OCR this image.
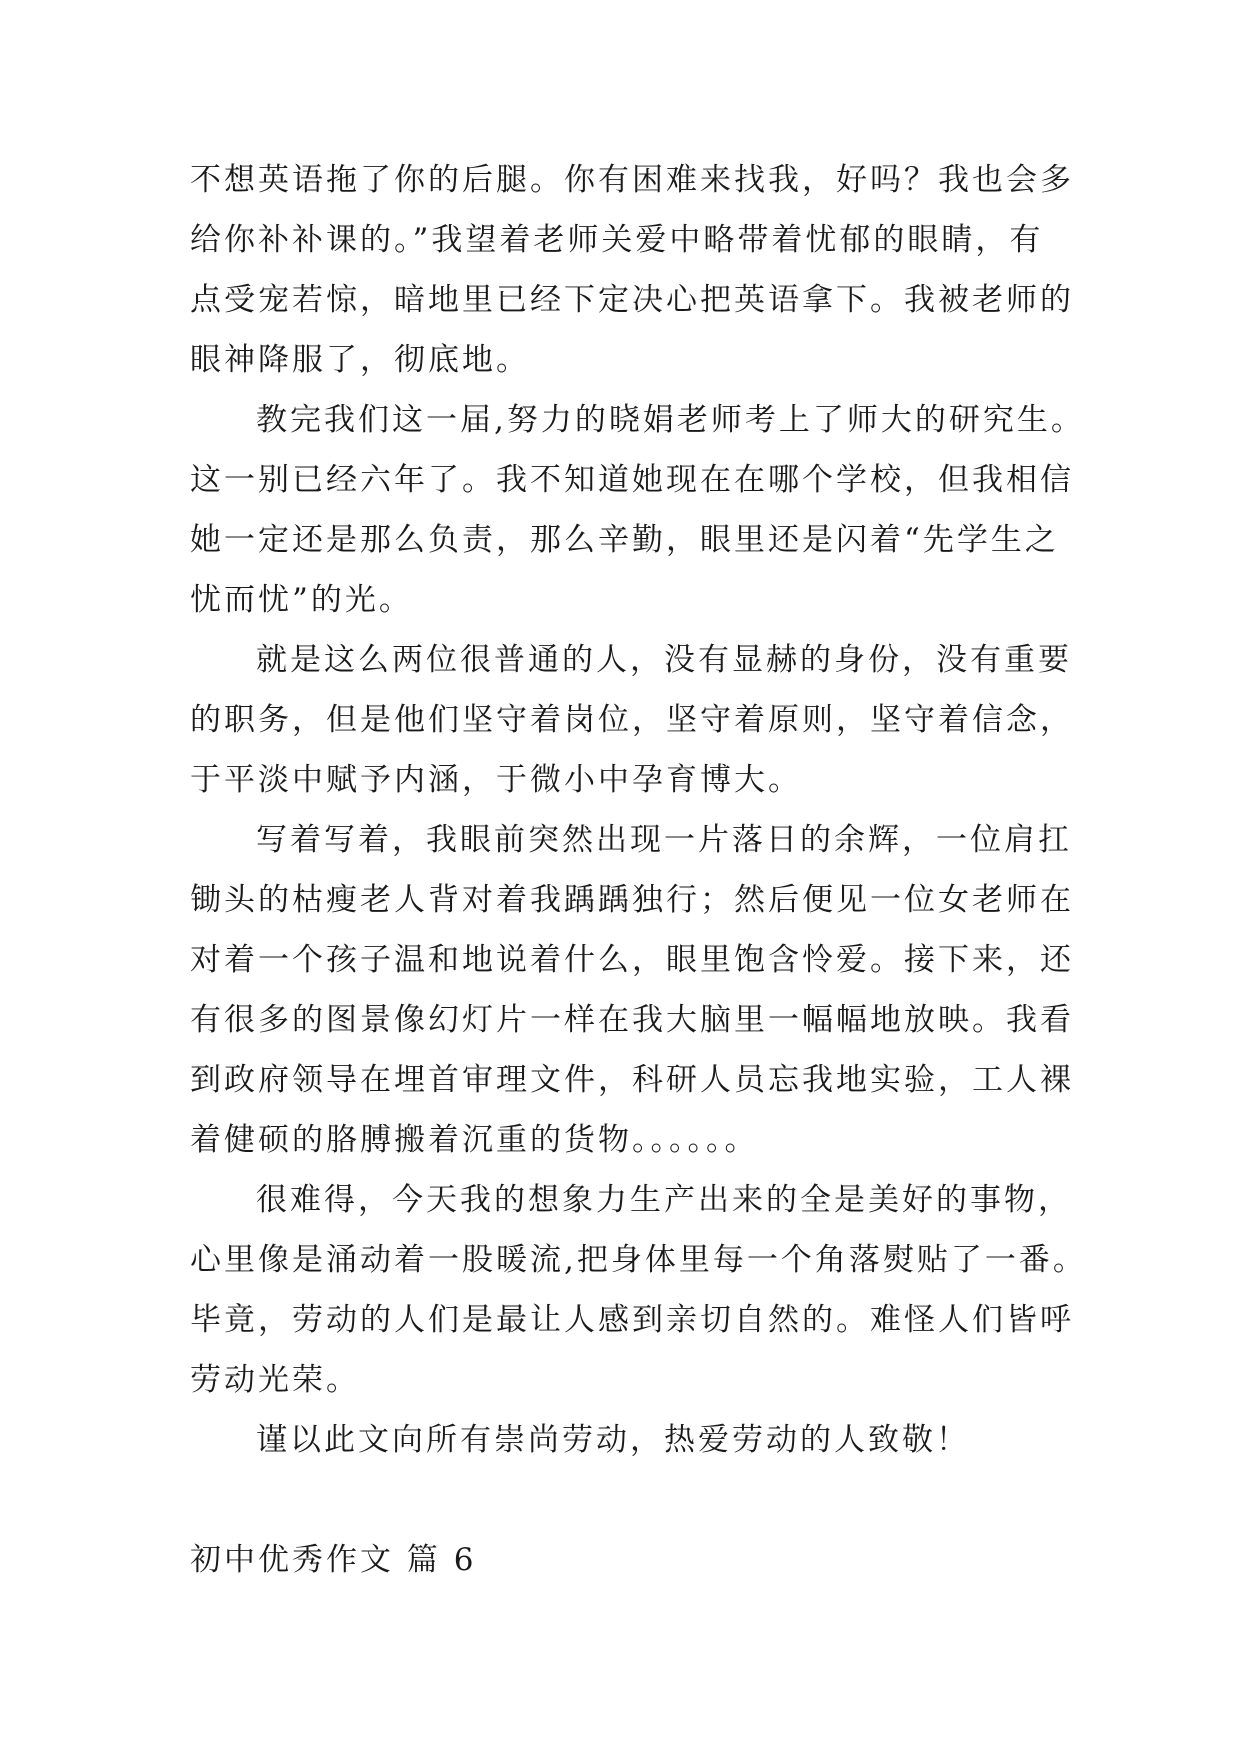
不想英语拖了你的后腿。你有困难来找我，好吗？我也会多
给你补补课的。”我望着老师关爱中略带着忧郁的眼睛，有
点受宠若惊，暗地里已经下定决心把英语拿下。我被老师的
眼神降服了，彻底地。
教完我们这一届,努力的晓娟老师考上了师大的研究生。
这一别已经六年了。我不知道她现在在哪个学校，但我相信
她一定还是那么负责，那么辛勤，眼里还是闪着“先学生之
忧而忧”的光。
就是这么两位很普通的人，没有显赫的身份，没有重要
的职务，但是他们坚守着岗位，坚守着原则，坚守着信念，
于平淡中赋予内涵，于微小中孕育博大。
写着写着，我眼前突然出现一片落日的余辉，一位肩扛
锄头的枯瘦老人背对着我踽踽独行；然后便见一位女老师在
对着一个孩子温和地说着什么，眼里饱含怜爱。接下来，还
有很多的图景像幻灯片一样在我大脑里一幅幅地放映。我看
到政府领导在埋首审理文件，科研人员忘我地实验，工人裸
着健硕的胳膊搬着沉重的货物。。。。。。
很难得，今天我的想象力生产出来的全是美好的事物，
心里像是涌动着一股暖流,把身体里每一个角落熨贴了一番。
毕竟，劳动的人们是最让人感到亲切自然的。难怪人们皆呼
劳动光荣。
谨以此文向所有崇尚劳动，热爱劳动的人致敬！
初中优秀作文 篇 6
